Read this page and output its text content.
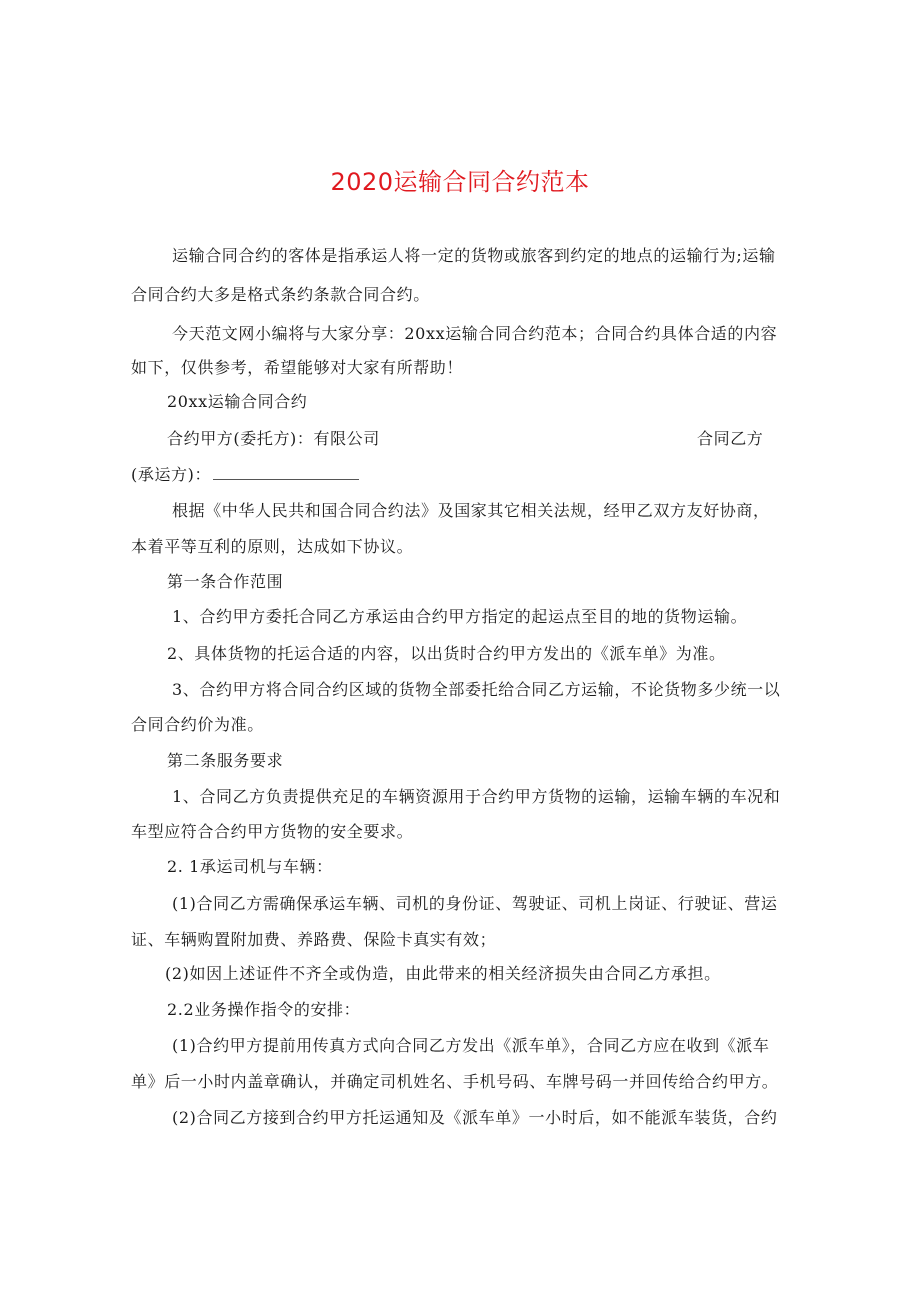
2020运输合同合约范本
运输合同合约的客体是指承运人将一定的货物或旅客到约定的地点的运输行为;运输
合同合约大多是格式条约条款合同合约。
今天范文网小编将与大家分享：20xx运输合同合约范本；合同合约具体合适的内容
如下，仅供参考，希望能够对大家有所帮助！
20xx运输合同合约
合约甲方(委托方)：有限公司	合同乙方
(承运方)：
根据《中华人民共和国合同合约法》及国家其它相关法规，经甲乙双方友好协商，
本着平等互利的原则，达成如下协议。
第一条合作范围
1、合约甲方委托合同乙方承运由合约甲方指定的起运点至目的地的货物运输。
2、具体货物的托运合适的内容，以出货时合约甲方发出的《派车单》为准。
3、合约甲方将合同合约区域的货物全部委托给合同乙方运输，不论货物多少统一以
合同合约价为准。
第二条服务要求
1、合同乙方负责提供充足的车辆资源用于合约甲方货物的运输，运输车辆的车况和
车型应符合合约甲方货物的安全要求。
2. 1承运司机与车辆：
(1)合同乙方需确保承运车辆、司机的身份证、驾驶证、司机上岗证、行驶证、营运
证、车辆购置附加费、养路费、保险卡真实有效；
(2)如因上述证件不齐全或伪造，由此带来的相关经济损失由合同乙方承担。
2.2业务操作指令的安排：
(1)合约甲方提前用传真方式向合同乙方发出《派车单》，合同乙方应在收到《派车
单》后一小时内盖章确认，并确定司机姓名、手机号码、车牌号码一并回传给合约甲方。
(2)合同乙方接到合约甲方托运通知及《派车单》一小时后，如不能派车装货，合约
